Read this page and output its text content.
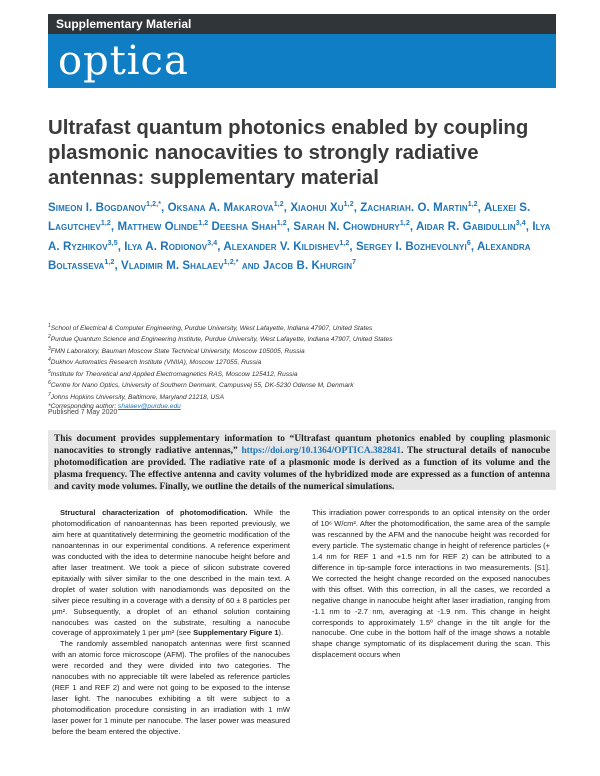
Supplementary Material	·
optica
Ultrafast quantum photonics enabled by coupling plasmonic nanocavities to strongly radiative antennas: supplementary material
Simeon I. Bogdanov$^{1,2,*}$, Oksana A. Makarova$^{1,2}$, Xiaohui Xu$^{1,2}$, Zachariah. O. Martin$^{1,2}$, Alexei S. Lagutchev$^{1,2}$, Matthew Olinde$^{1,2}$ Deesha Shah$^{1,2}$, Sarah N. Chowdhury$^{1,2}$, Aidar R. Gabidullin$^{3,4}$, Ilya A. Ryzhikov$^{3,5}$, Ilya A. Rodionov$^{3,4}$, Alexander V. Kildishev$^{1,2}$, Sergey I. Bozhevolnyi$^6$, Alexandra Boltasseva$^{1,2}$, Vladimir M. Shalaev$^{1,2,*}$ and Jacob B. Khurgin$^7$
$^1$School of Electrical & Computer Engineering, Purdue University, West Lafayette, Indiana 47907, United States
$^2$Purdue Quantum Science and Engineering Institute, Purdue University, West Lafayette, Indiana 47907, United States
$^3$FMN Laboratory, Bauman Moscow State Technical University, Moscow 105005, Russia
$^4$Dukhov Automatics Research Institute (VNIIA), Moscow 127055, Russia
$^5$Institute for Theoretical and Applied Electromagnetics RAS, Moscow 125412, Russia
$^6$Centre for Nano Optics, University of Southern Denmark, Campusvej 55, DK-5230 Odense M, Denmark
$^7$Johns Hopkins University, Baltimore, Maryland 21218, USA
*Corresponding author: shalaev@purdue.edu
Published 7 May 2020
This document provides supplementary information to “Ultrafast quantum photonics enabled by coupling plasmonic nanocavities to strongly radiative antennas,” https://doi.org/10.1364/OPTICA.382841. The structural details of nanocube photomodification are provided. The radiative rate of a plasmonic mode is derived as a function of its volume and the plasma frequency. The effective antenna and cavity volumes of the hybridized mode are expressed as a function of antenna and cavity mode volumes. Finally, we outline the details of the numerical simulations.

Structural characterization of photomodification. While the photomodification of nanoantennas has been reported previously, we aim here at quantitatively determining the geometric modification of the nanoantennas in our experimental conditions. A reference experiment was conducted with the idea to determine nanocube height before and after laser treatment. We took a piece of silicon substrate covered epitaxially with silver similar to the one described in the main text. A droplet of water solution with nanodiamonds was deposited on the silver piece resulting in a coverage with a density of 60 ± 8 particles per μm². Subsequently, a droplet of an ethanol solution containing nanocubes was casted on the substrate, resulting a nanocube coverage of approximately 1 per μm² (see Supplementary Figure 1).

The randomly assembled nanopatch antennas were first scanned with an atomic force microscope (AFM). The profiles of the nanocubes were recorded and they were divided into two categories. The nanocubes with no appreciable tilt were labeled as reference particles (REF 1 and REF 2) and were not going to be exposed to the intense laser light. The nanocubes exhibiting a tilt were subject to a photomodification procedure consisting in an irradiation with 1 mW laser power for 1 minute per nanocube. The laser power was measured before the beam entered the objective.

This irradiation power corresponds to an optical intensity on the order of 10⁶ W/cm². After the photomodification, the same area of the sample was rescanned by the AFM and the nanocube height was recorded for every particle. The systematic change in height of reference particles (+ 1.4 nm for REF 1 and +1.5 nm for REF 2) can be attributed to a difference in tip-sample force interactions in two measurements. [S1]. We corrected the height change recorded on the exposed nanocubes with this offset. With this correction, in all the cases, we recorded a negative change in nanocube height after laser irradiation, ranging from -1.1 nm to -2.7 nm, averaging at -1.9 nm. This change in height corresponds to approximately 1.5º change in the tilt angle for the nanocube. One cube in the bottom half of the image shows a notable shape change symptomatic of its displacement during the scan. This displacement occurs when
